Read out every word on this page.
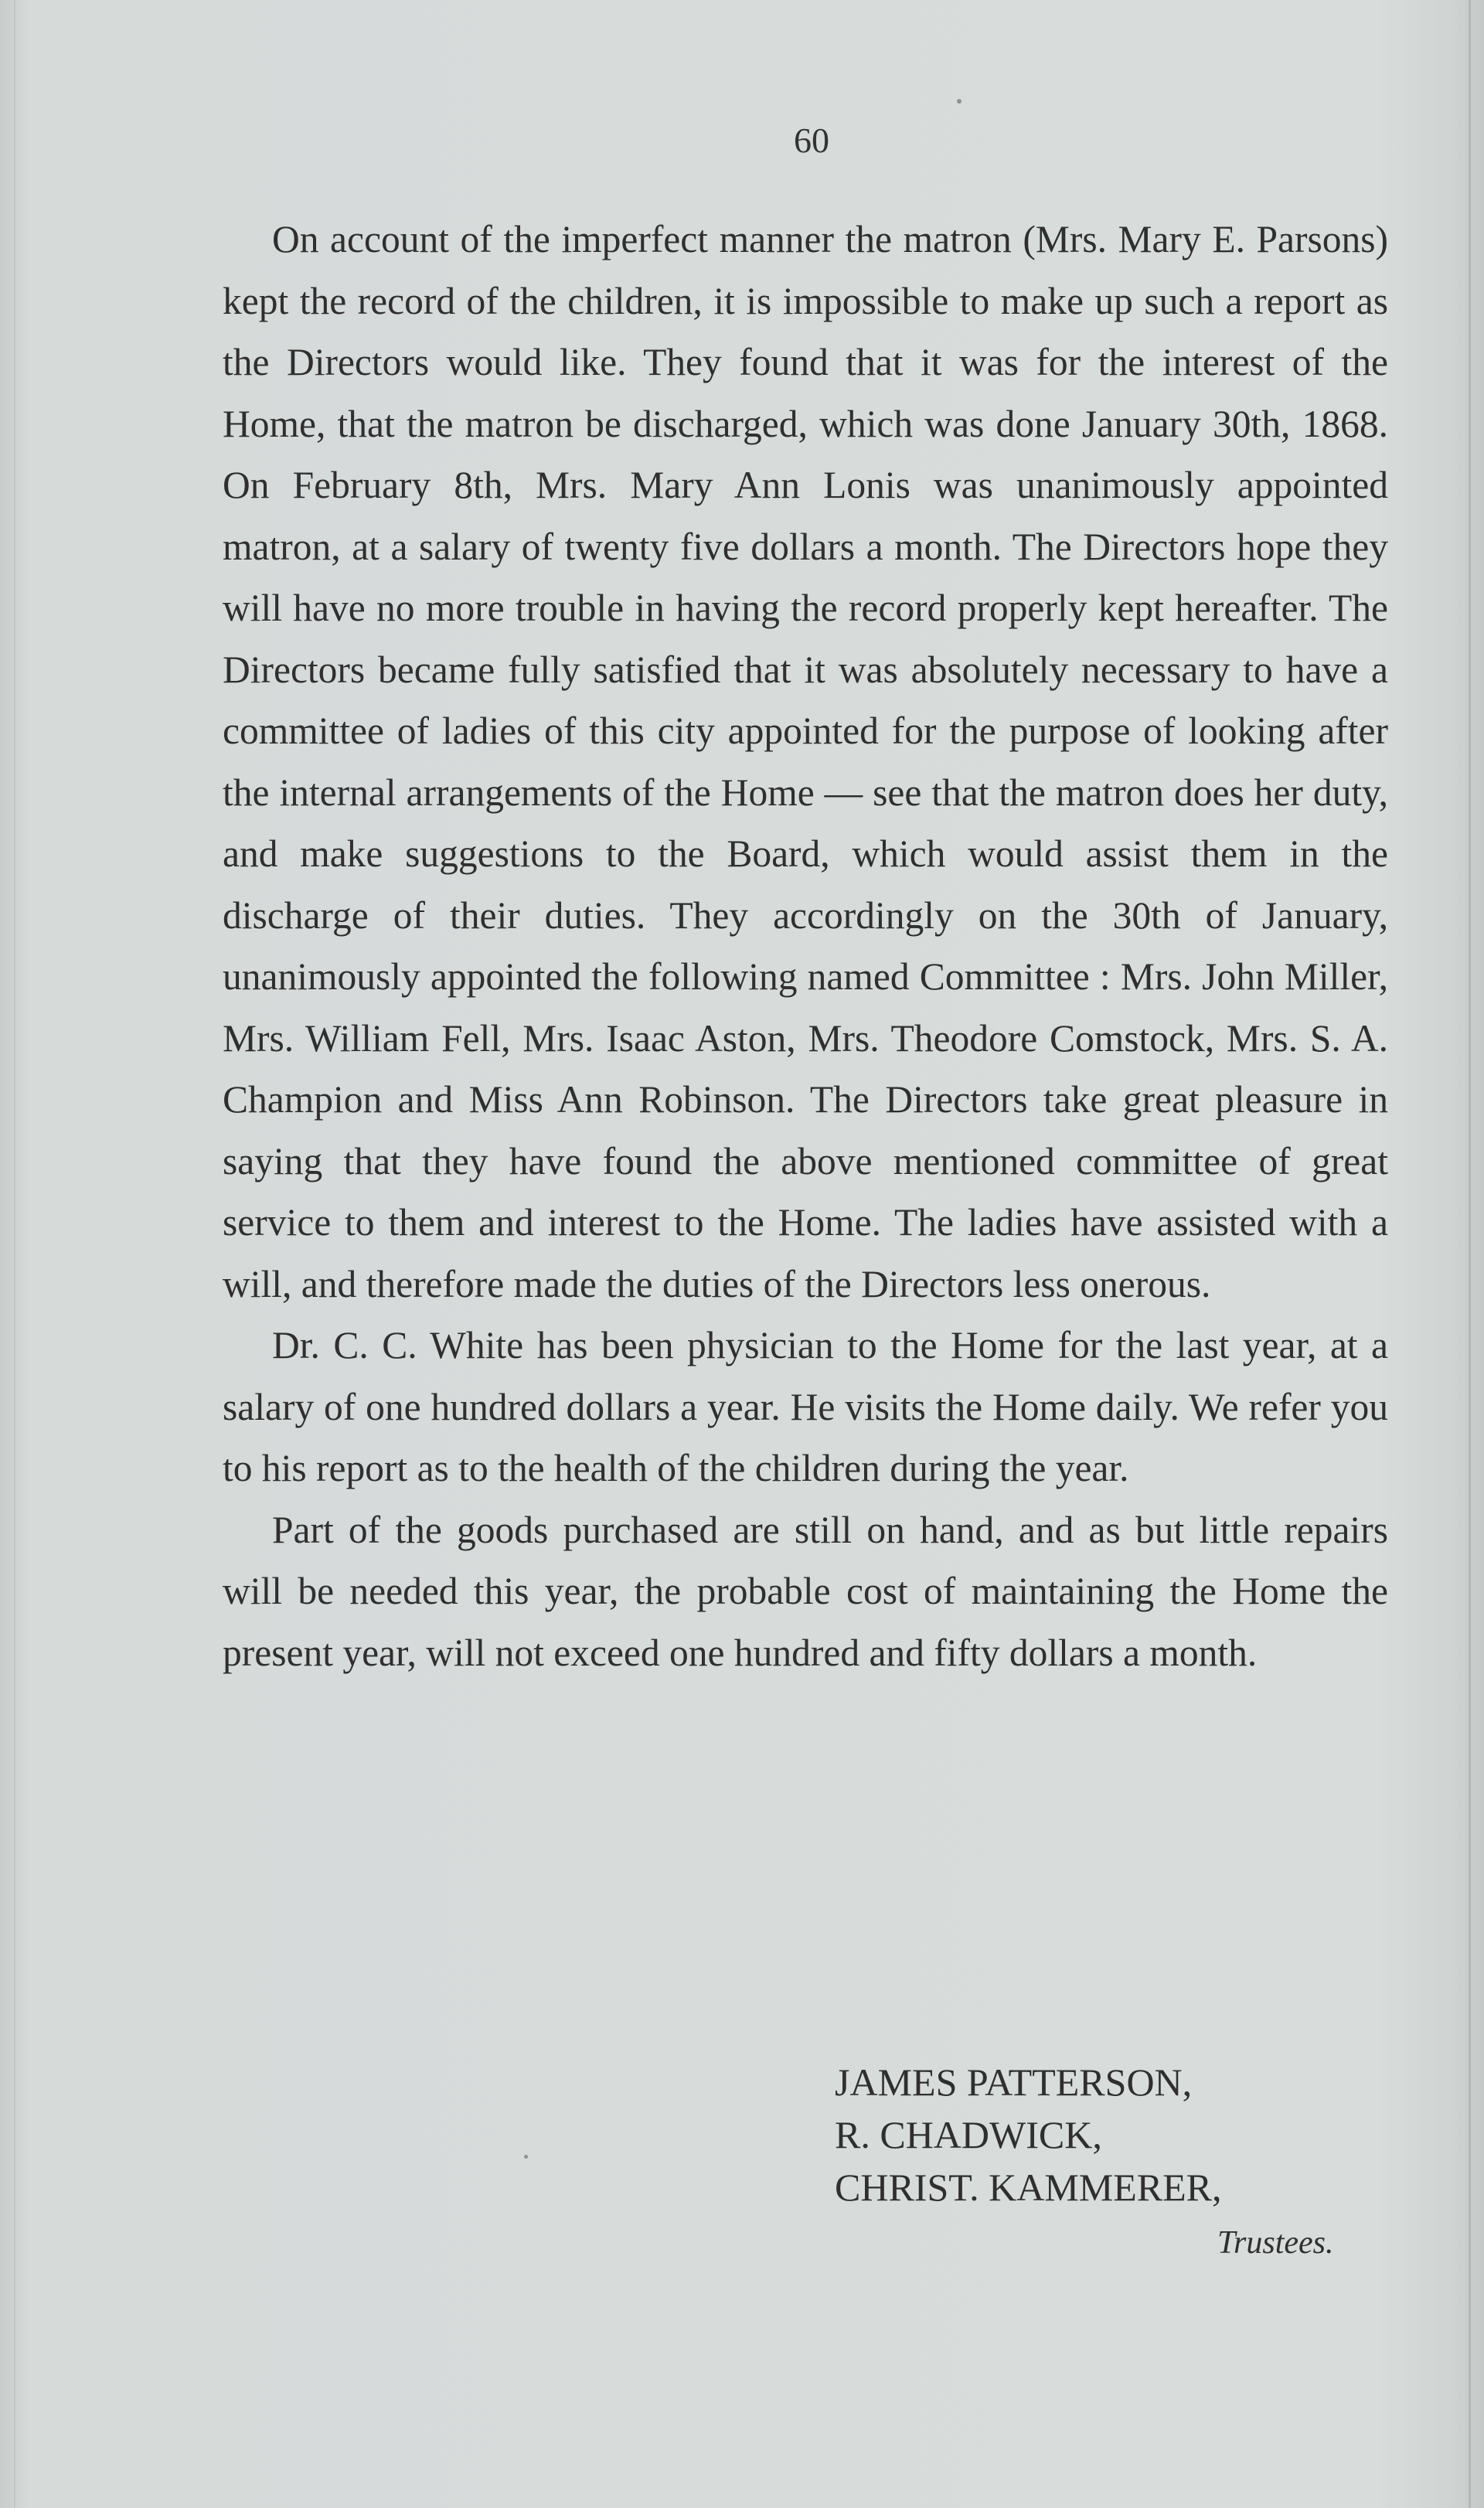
60

On account of the imperfect manner the matron (Mrs. Mary E. Parsons) kept the record of the children, it is impossible to make up such a report as the Directors would like. They found that it was for the interest of the Home, that the matron be discharged, which was done January 30th, 1868. On February 8th, Mrs. Mary Ann Lonis was unanimously appointed matron, at a salary of twenty five dollars a month. The Directors hope they will have no more trouble in having the record properly kept hereafter. The Directors became fully satisfied that it was absolutely necessary to have a committee of ladies of this city appointed for the purpose of looking after the internal arrangements of the Home — see that the matron does her duty, and make suggestions to the Board, which would assist them in the discharge of their duties. They accordingly on the 30th of January, unanimously appointed the following named Committee : Mrs. John Miller, Mrs. William Fell, Mrs. Isaac Aston, Mrs. Theodore Comstock, Mrs. S. A. Champion and Miss Ann Robinson. The Directors take great pleasure in saying that they have found the above mentioned committee of great service to them and interest to the Home. The ladies have assisted with a will, and therefore made the duties of the Directors less onerous.

Dr. C. C. White has been physician to the Home for the last year, at a salary of one hundred dollars a year. He visits the Home daily. We refer you to his report as to the health of the children during the year.

Part of the goods purchased are still on hand, and as but little repairs will be needed this year, the probable cost of maintaining the Home the present year, will not exceed one hundred and fifty dollars a month.

JAMES PATTERSON,
R. CHADWICK,
CHRIST. KAMMERER,
Trustees.
